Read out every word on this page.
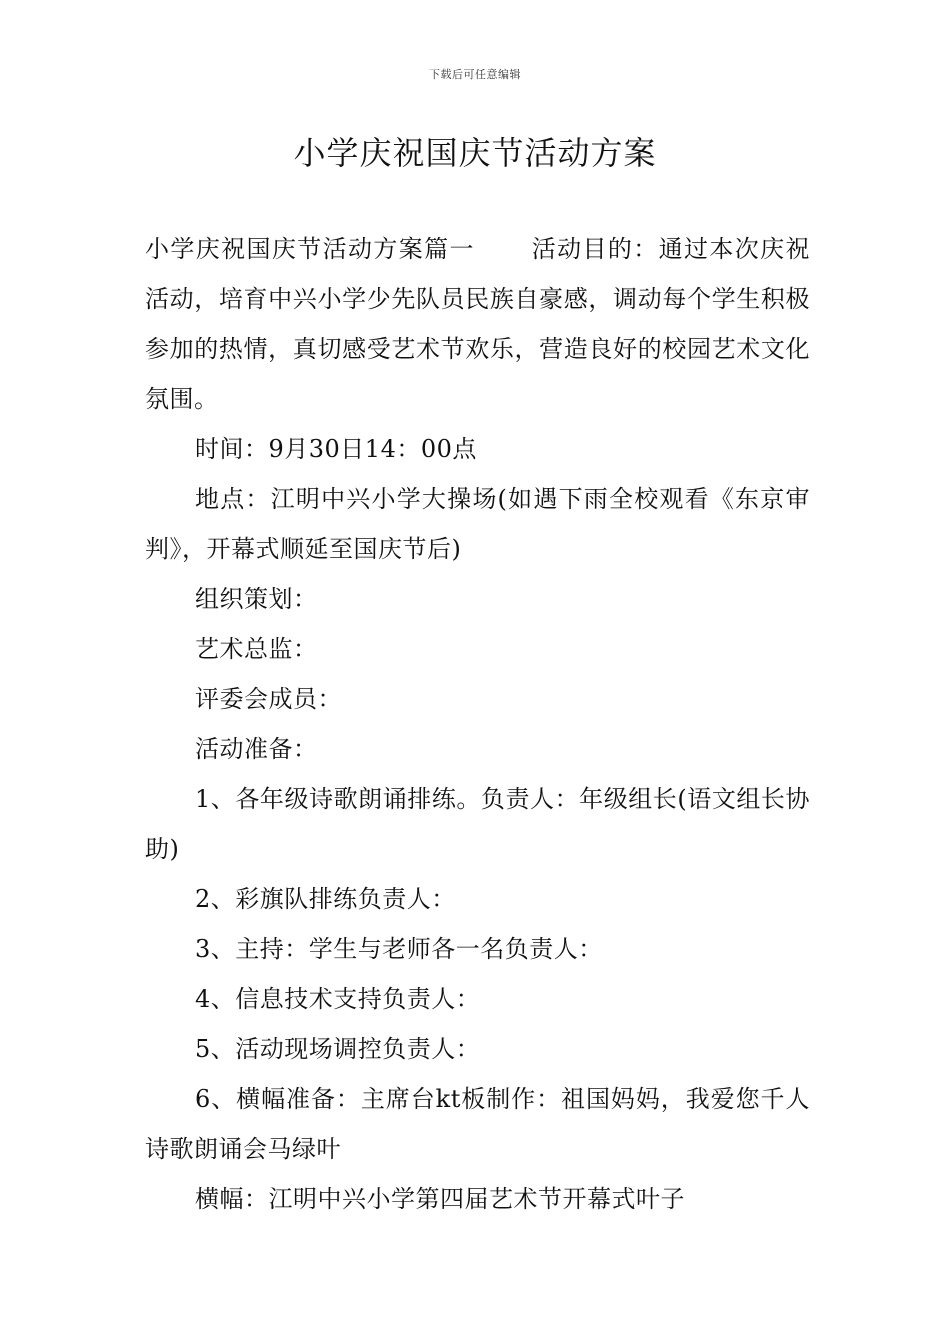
下载后可任意编辑
小学庆祝国庆节活动方案

小学庆祝国庆节活动方案篇一 活动目的：通过本次庆祝活动，培育中兴小学少先队员民族自豪感，调动每个学生积极参加的热情，真切感受艺术节欢乐，营造良好的校园艺术文化氛围。

时间：9月30日14：00点

地点：江明中兴小学大操场(如遇下雨全校观看《东京审判》，开幕式顺延至国庆节后)

组织策划：

艺术总监：

评委会成员：

活动准备：

1、各年级诗歌朗诵排练。负责人：年级组长(语文组长协助)

2、彩旗队排练负责人：

3、主持：学生与老师各一名负责人：

4、信息技术支持负责人：

5、活动现场调控负责人：

6、横幅准备：主席台kt板制作：祖国妈妈，我爱您千人诗歌朗诵会马绿叶

横幅：江明中兴小学第四届艺术节开幕式叶子
